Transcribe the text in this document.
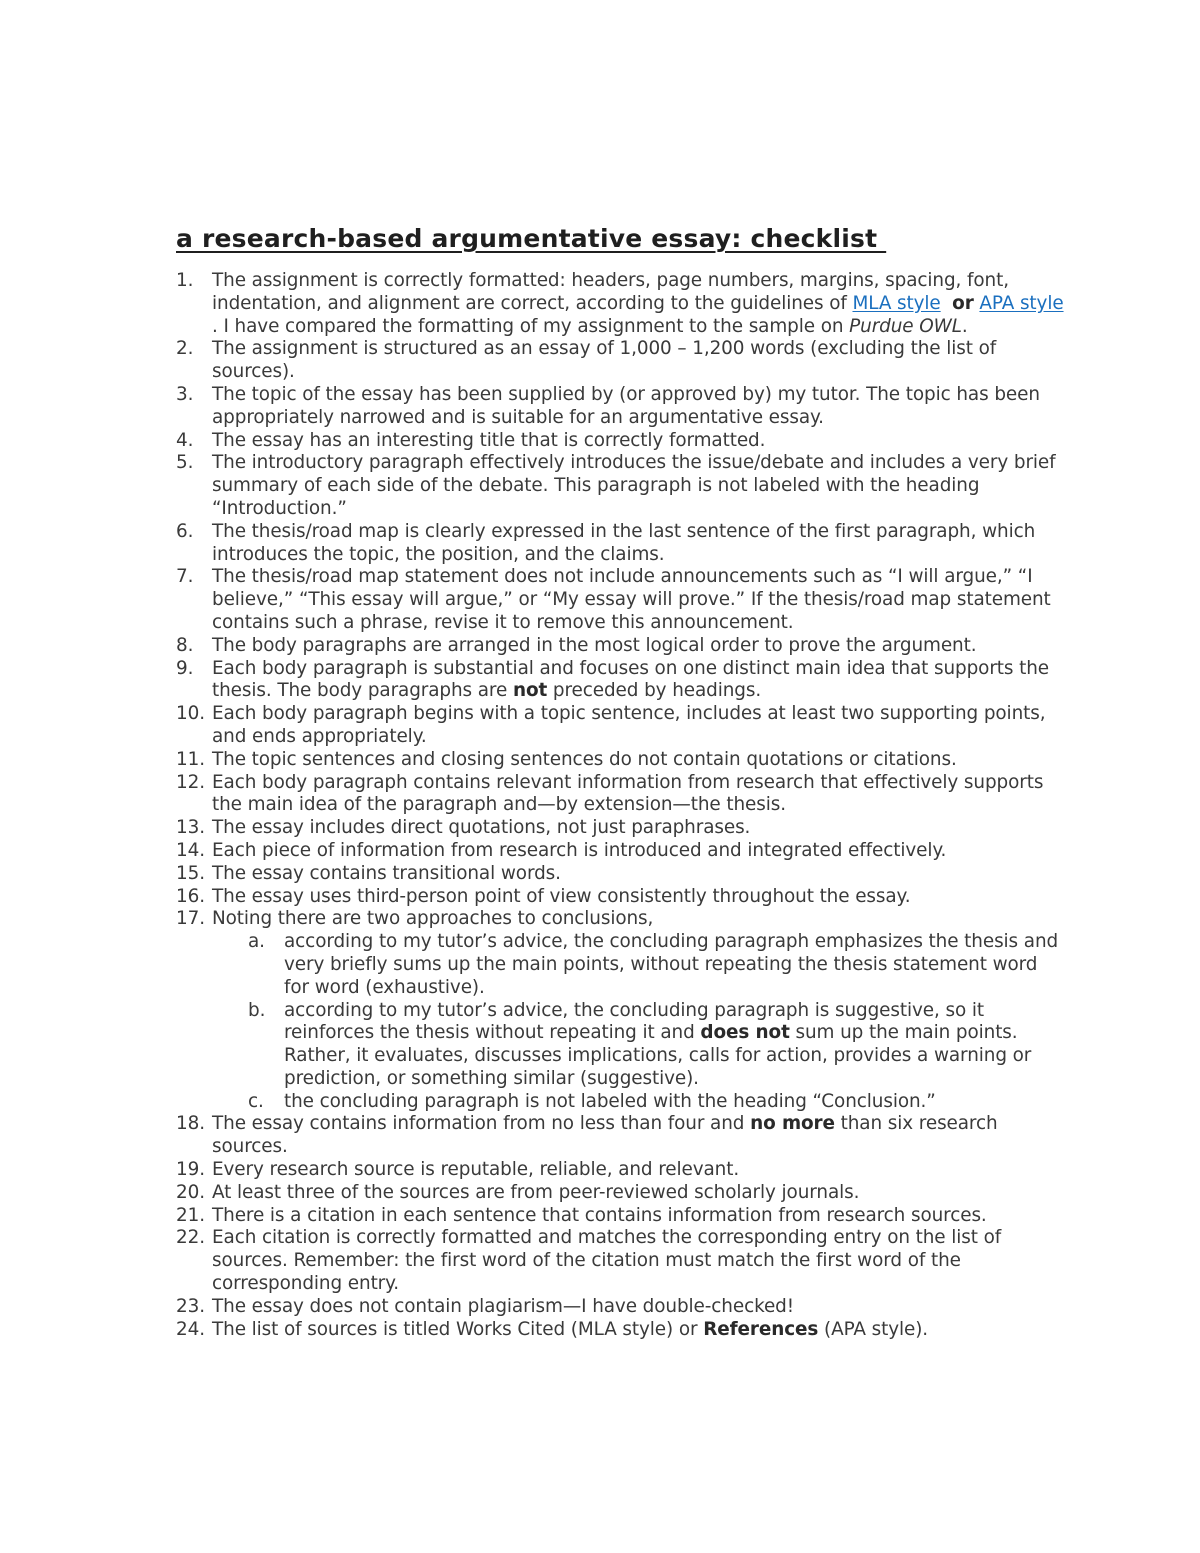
a research-based argumentative essay: checklist
1. The assignment is correctly formatted: headers, page numbers, margins, spacing, font, indentation, and alignment are correct, according to the guidelines of MLA style or APA style . I have compared the formatting of my assignment to the sample on Purdue OWL.
2. The assignment is structured as an essay of 1,000 – 1,200 words (excluding the list of sources).
3. The topic of the essay has been supplied by (or approved by) my tutor. The topic has been appropriately narrowed and is suitable for an argumentative essay.
4. The essay has an interesting title that is correctly formatted.
5. The introductory paragraph effectively introduces the issue/debate and includes a very brief summary of each side of the debate. This paragraph is not labeled with the heading “Introduction.”
6. The thesis/road map is clearly expressed in the last sentence of the first paragraph, which introduces the topic, the position, and the claims.
7. The thesis/road map statement does not include announcements such as “I will argue,” “I believe,” “This essay will argue,” or “My essay will prove.” If the thesis/road map statement contains such a phrase, revise it to remove this announcement.
8. The body paragraphs are arranged in the most logical order to prove the argument.
9. Each body paragraph is substantial and focuses on one distinct main idea that supports the thesis. The body paragraphs are not preceded by headings.
10. Each body paragraph begins with a topic sentence, includes at least two supporting points, and ends appropriately.
11. The topic sentences and closing sentences do not contain quotations or citations.
12. Each body paragraph contains relevant information from research that effectively supports the main idea of the paragraph and—by extension—the thesis.
13. The essay includes direct quotations, not just paraphrases.
14. Each piece of information from research is introduced and integrated effectively.
15. The essay contains transitional words.
16. The essay uses third-person point of view consistently throughout the essay.
17. Noting there are two approaches to conclusions,
a. according to my tutor’s advice, the concluding paragraph emphasizes the thesis and very briefly sums up the main points, without repeating the thesis statement word for word (exhaustive).
b. according to my tutor’s advice, the concluding paragraph is suggestive, so it reinforces the thesis without repeating it and does not sum up the main points. Rather, it evaluates, discusses implications, calls for action, provides a warning or prediction, or something similar (suggestive).
c. the concluding paragraph is not labeled with the heading “Conclusion.”
18. The essay contains information from no less than four and no more than six research sources.
19. Every research source is reputable, reliable, and relevant.
20. At least three of the sources are from peer-reviewed scholarly journals.
21. There is a citation in each sentence that contains information from research sources.
22. Each citation is correctly formatted and matches the corresponding entry on the list of sources. Remember: the first word of the citation must match the first word of the corresponding entry.
23. The essay does not contain plagiarism—I have double-checked!
24. The list of sources is titled Works Cited (MLA style) or References (APA style).
